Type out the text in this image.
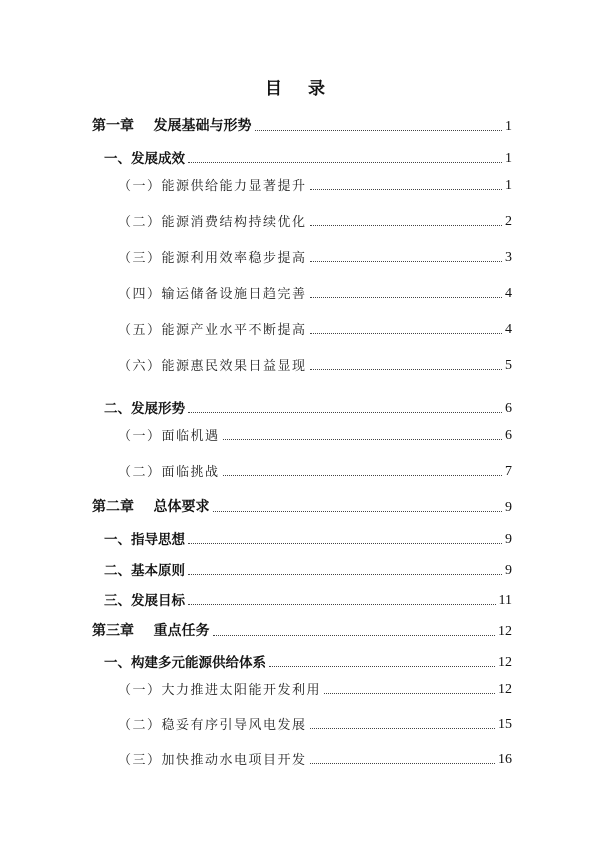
目 录
第一章    发展基础与形势	1
一、发展成效	1
（一）能源供给能力显著提升	1
（二）能源消费结构持续优化	2
（三）能源利用效率稳步提高	3
（四）输运储备设施日趋完善	4
（五）能源产业水平不断提高	4
（六）能源惠民效果日益显现	5
二、发展形势	6
（一）面临机遇	6
（二）面临挑战	7
第二章    总体要求	9
一、指导思想	9
二、基本原则	9
三、发展目标	11
第三章    重点任务	12
一、构建多元能源供给体系	12
（一）大力推进太阳能开发利用	12
（二）稳妥有序引导风电发展	15
（三）加快推动水电项目开发	16
